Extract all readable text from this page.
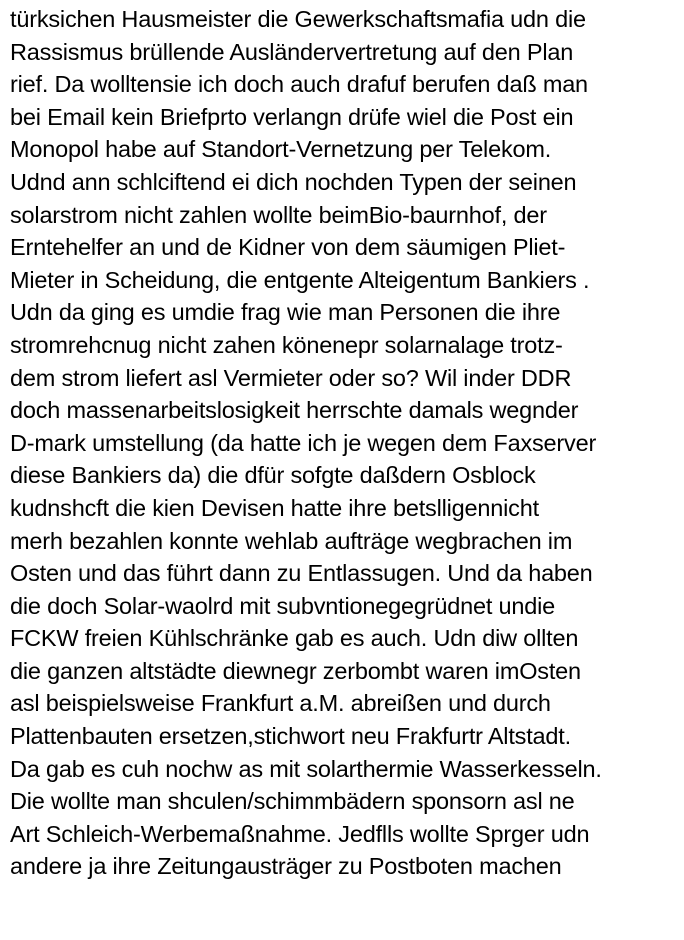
türksichen Hausmeister die Gewerkschaftsmafia udn die
Rassismus brüllende Ausländervertretung auf den Plan
rief. Da wolltensie ich doch auch drafuf berufen daß man
bei Email kein Briefprto verlangn drüfe wiel die Post ein
Monopol habe auf Standort-Vernetzung per Telekom.
Udnd ann schlciftend ei dich nochden Typen der seinen
solarstrom nicht zahlen wollte beimBio-baurnhof, der
Erntehelfer an und de Kidner von dem säumigen Pliet-
Mieter in Scheidung, die entgente Alteigentum Bankiers .
Udn da ging es umdie frag wie man Personen die ihre
stromrehcnug nicht zahen könenepr solarnalage trotz-
dem strom liefert asl Vermieter oder so? Wil inder DDR
doch massenarbeitslosigkeit herrschte damals wegnder
D-mark umstellung (da hatte ich je wegen dem Faxserver
diese Bankiers da) die dfür sofgte daßdern Osblock
kudnshcft die kien Devisen hatte ihre betslligennicht
merh bezahlen konnte wehlab aufträge wegbrachen im
Osten und das führt dann zu Entlassugen. Und da haben
die doch Solar-waolrd mit subvntionegegrüdnet undie
FCKW freien Kühlschränke gab es auch. Udn diw ollten
die ganzen altstädte diewnegr zerbombt waren imOsten
asl beispielsweise Frankfurt a.M. abreißen und durch
Plattenbauten ersetzen,stichwort neu Frakfurtr Altstadt.
Da gab es cuh nochw as mit solarthermie Wasserkesseln.
Die wollte man shculen/schimmbädern sponsorn asl ne
Art Schleich-Werbemaßnahme. Jedflls wollte Sprger udn
andere ja ihre Zeitungausträger zu Postboten machen
